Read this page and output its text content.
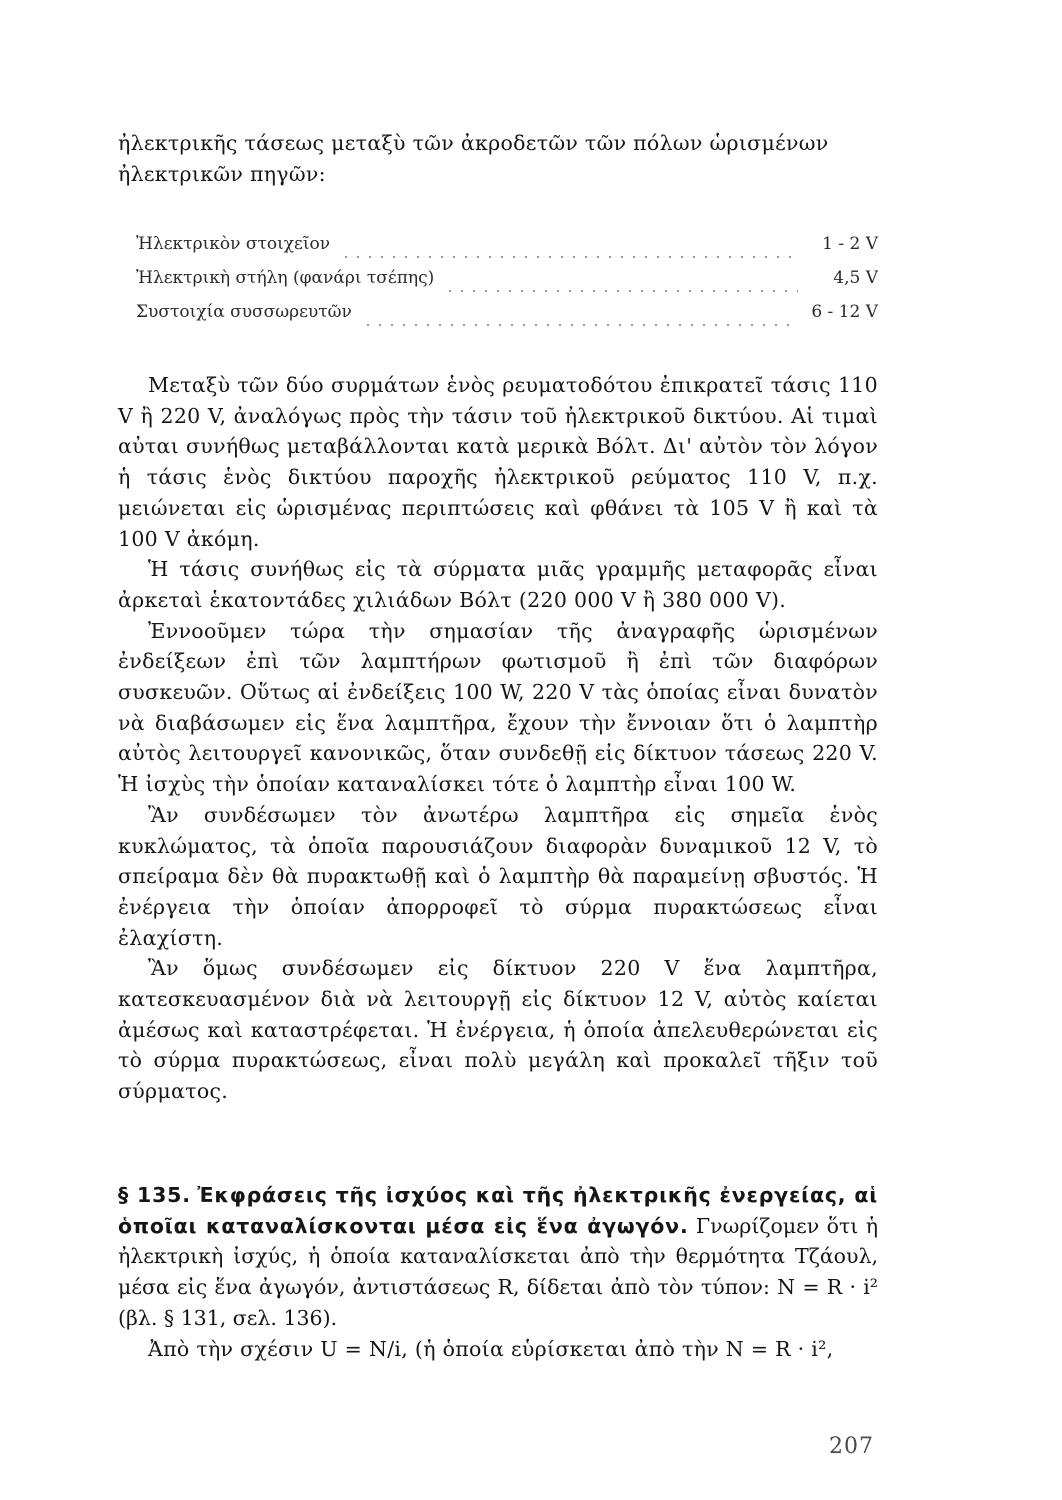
ἠλεκτρικῆς τάσεως μεταξὺ τῶν ἀκροδετῶν τῶν πόλων ὡρισμένων

ἠλεκτρικῶν πηγῶν:

Ἠλεκτρικὸν στοιχεῖον	1 - 2 V
Ἠλεκτρικὴ στήλη (φανάρι τσέπης)	4,5 V
Συστοιχία συσσωρευτῶν	6 - 12 V

Μεταξὺ τῶν δύο συρμάτων ἑνὸς ρευματοδότου ἐπικρατεῖ τάσις 110 V ἢ 220 V, ἀναλόγως πρὸς τὴν τάσιν τοῦ ἠλεκτρικοῦ δικτύου. Αἱ τιμαὶ αὐται συνήθως μεταβάλλονται κατὰ μερικὰ Βόλτ. Δι' αὐτὸν τὸν λόγον ἡ τάσις ἑνὸς δικτύου παροχῆς ἠλεκτρικοῦ ρεύματος 110 V, π.χ. μειώνεται εἰς ὡρισμένας περιπτώσεις καὶ φθάνει τὰ 105 V ἢ καὶ τὰ 100 V ἀκόμη.

Ἡ τάσις συνήθως εἰς τὰ σύρματα μιᾶς γραμμῆς μεταφορᾶς εἶναι ἀρκεταὶ ἑκατοντάδες χιλιάδων Βόλτ (220 000 V ἢ 380 000 V).

Ἐννοοῦμεν τώρα τὴν σημασίαν τῆς ἀναγραφῆς ὡρισμένων ἐνδείξεων ἐπὶ τῶν λαμπτήρων φωτισμοῦ ἢ ἐπὶ τῶν διαφόρων συσκευῶν. Οὕτως αἱ ἐνδείξεις 100 W, 220 V τὰς ὁποίας εἶναι δυνατὸν νὰ διαβάσωμεν εἰς ἕνα λαμπτῆρα, ἔχουν τὴν ἔννοιαν ὅτι ὁ λαμπτὴρ αὐτὸς λειτουργεῖ κανονικῶς, ὅταν συνδεθῇ εἰς δίκτυον τάσεως 220 V. Ἡ ἰσχὺς τὴν ὁποίαν καταναλίσκει τότε ὁ λαμπτὴρ εἶναι 100 W.

Ἂν συνδέσωμεν τὸν ἀνωτέρω λαμπτῆρα εἰς σημεῖα ἑνὸς κυκλώματος, τὰ ὁποῖα παρουσιάζουν διαφορὰν δυναμικοῦ 12 V, τὸ σπείραμα δὲν θὰ πυρακτωθῇ καὶ ὁ λαμπτὴρ θὰ παραμείνῃ σβυστός. Ἡ ἐνέργεια τὴν ὁποίαν ἀπορροφεῖ τὸ σύρμα πυρακτώσεως εἶναι ἐλαχίστη.

Ἂν ὅμως συνδέσωμεν εἰς δίκτυον 220 V ἕνα λαμπτῆρα, κατεσκευασμένον διὰ νὰ λειτουργῇ εἰς δίκτυον 12 V, αὐτὸς καίεται ἀμέσως καὶ καταστρέφεται. Ἡ ἐνέργεια, ἡ ὁποία ἀπελευθερώνεται εἰς τὸ σύρμα πυρακτώσεως, εἶναι πολὺ μεγάλη καὶ προκαλεῖ τῆξιν τοῦ σύρματος.

§ 135. Ἐκφράσεις τῆς ἰσχύος καὶ τῆς ἠλεκτρικῆς ἐνεργείας, αἱ ὁποῖαι καταναλίσκονται μέσα εἰς ἕνα ἀγωγόν. Γνωρίζομεν ὅτι ἡ ἠλεκτρικὴ ἰσχύς, ἡ ὁποία καταναλίσκεται ἀπὸ τὴν θερμότητα Τζάουλ, μέσα εἰς ἕνα ἀγωγόν, ἀντιστάσεως R, δίδεται ἀπὸ τὸν τύπον: N = R · i² (βλ. § 131, σελ. 136).

Ἀπὸ τὴν σχέσιν U = N/i, (ἡ ὁποία εὑρίσκεται ἀπὸ τὴν N = R · i²,

207
